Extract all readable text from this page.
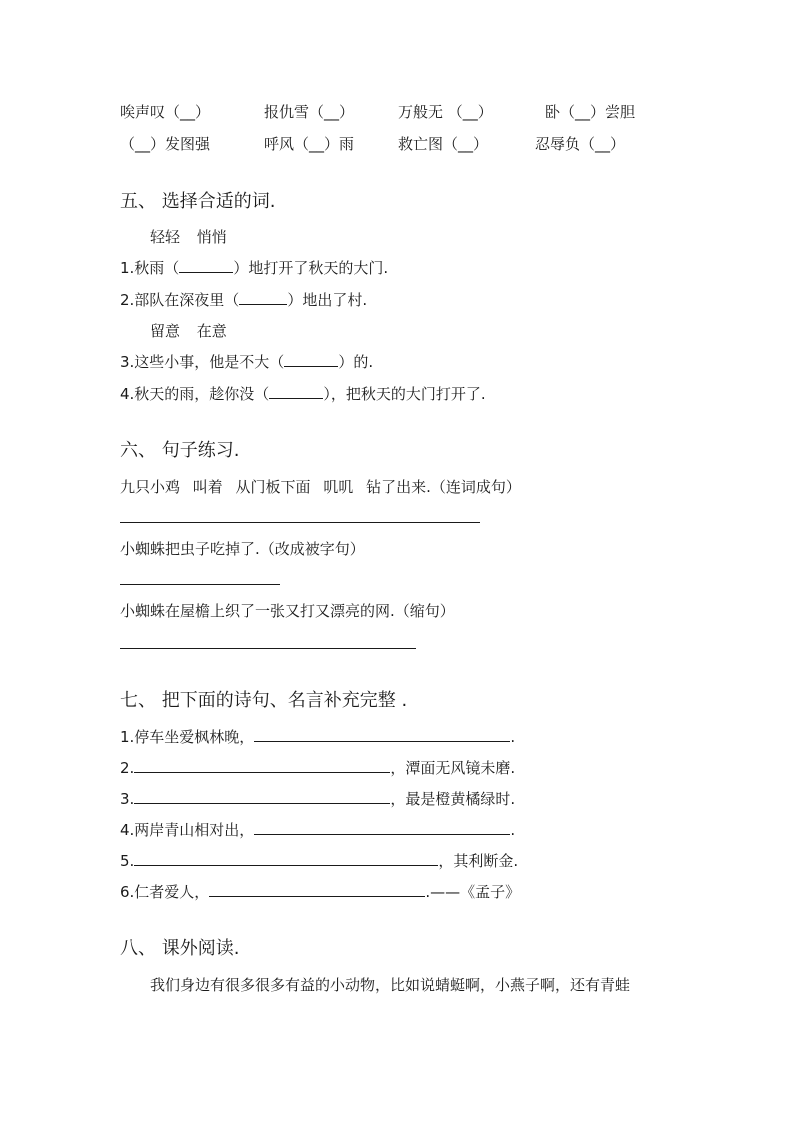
唉声叹（__）	报仇雪（__）	万般无 （__）	卧（__）尝胆
（__）发图强	呼风（__）雨	救亡图（__）	忍辱负（__）
五、 选择合适的词.
轻轻 悄悄
1.秋雨（	）地打开了秋天的大门.
2.部队在深夜里（	）地出了村.
留意 在意
3.这些小事，他是不大（	）的.
4.秋天的雨，趁你没（	），把秋天的大门打开了.
六、 句子练习.
九只小鸡 叫着 从门板下面 叽叽 钻了出来.（连词成句）
小蜘蛛把虫子吃掉了.（改成被字句）
小蜘蛛在屋檐上织了一张又打又漂亮的网.（缩句）
七、 把下面的诗句、名言补充完整 .
1.停车坐爱枫林晚，	.
2.	，潭面无风镜未磨.
3.	，最是橙黄橘绿时.
4.两岸青山相对出，	.
5.	，其利断金.
6.仁者爱人，	.——《孟子》
八、 课外阅读.
我们身边有很多很多有益的小动物，比如说蜻蜓啊，小燕子啊，还有青蛙
